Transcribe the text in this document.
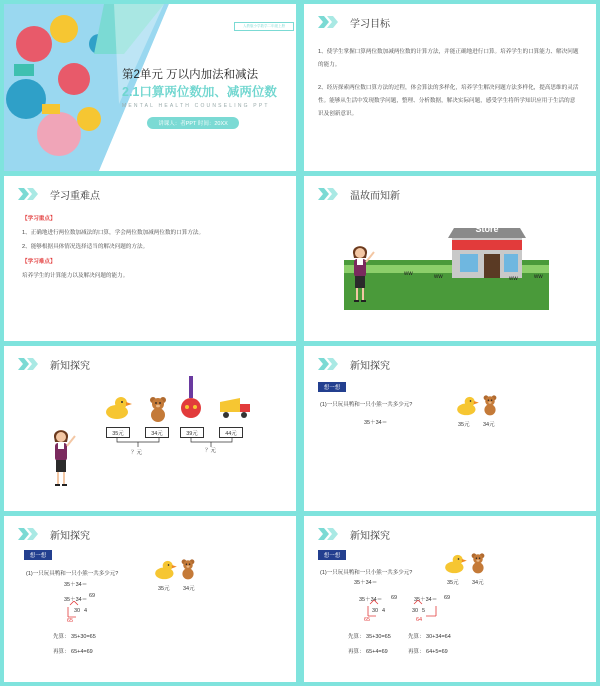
人教版小学数学二年级上册
第2单元 万以内加法和减法
2.1口算两位数加、减两位数
MENTAL HEALTH COUNSELING PPT
讲课人：者PPT 时间：20XX
学习目标
1、使学生掌握口算两位数加减两位数的计算方法，并能正确地进行口算。培养学生的口算能力、解决问题的能力。
2、经历探索两位数口算方法的过程，体会算法的多样化，培养学生解决问题方法多样化，提高思维的灵活性。能够从生活中发现数学问题，整理、分析数据，解决实际问题，感受学生将所学知识应用于生活的意识及创新意识。
学习重难点
【学习重点】
1、正确地进行两位数加减法的口算，学会两位数加减两位数的口算方法。
2、能够根据具体情况选择适当的解决问题的方法。
【学习难点】
培养学生的计算能力以及解决问题的能力。
温故而知新
Store
ww	ww	ww	ww
新知探究
35元	34元	39元	44元
？元	？元
新知探究
想一想
(1)一只玩具鸭和一只小熊一共多少元?
35＋34＝	35元 34元
新知探究
想一想
(1)一只玩具鸭和一只小熊一共多少元?
35元 34元
35＋34＝
35＋34＝
69
30 4
65
先算： 35+30=65
再算： 65+4=69
新知探究
想一想
(1)一只玩具鸭和一只小熊一共多少元?
35元 34元
35＋34＝
35＋34＝ 69
30 4
65
35＋34＝ 69
30 5
64
先算： 35+30=65
再算： 65+4=69
先算： 30+34=64
再算： 64+5=69
